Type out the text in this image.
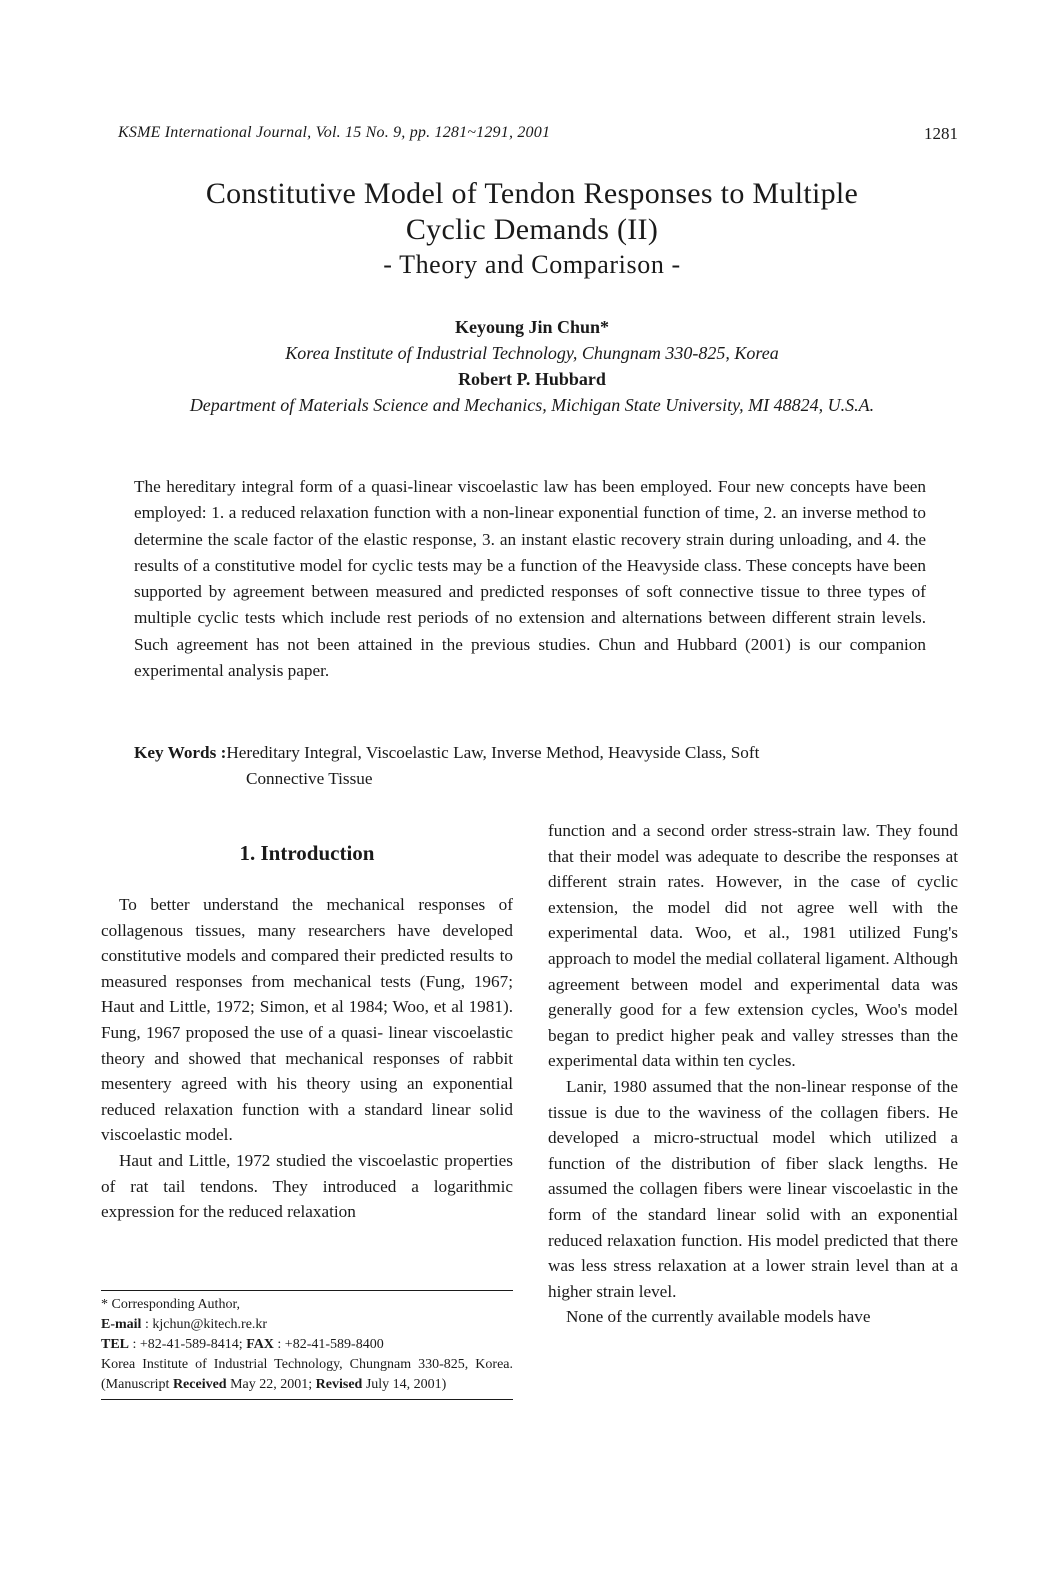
KSME International Journal, Vol. 15 No. 9, pp. 1281~1291, 2001	1281
Constitutive Model of Tendon Responses to Multiple
Cyclic Demands (II)
- Theory and Comparison -
Keyoung Jin Chun*
Korea Institute of Industrial Technology, Chungnam 330-825, Korea
Robert P. Hubbard
Department of Materials Science and Mechanics, Michigan State University, MI 48824, U.S.A.
The hereditary integral form of a quasi-linear viscoelastic law has been employed. Four new concepts have been employed: 1. a reduced relaxation function with a non-linear exponential function of time, 2. an inverse method to determine the scale factor of the elastic response, 3. an instant elastic recovery strain during unloading, and 4. the results of a constitutive model for cyclic tests may be a function of the Heavyside class. These concepts have been supported by agreement between measured and predicted responses of soft connective tissue to three types of multiple cyclic tests which include rest periods of no extension and alternations between different strain levels. Such agreement has not been attained in the previous studies. Chun and Hubbard (2001) is our companion experimental analysis paper.
Key Words : Hereditary Integral, Viscoelastic Law, Inverse Method, Heavyside Class, Soft
Connective Tissue
1. Introduction

To better understand the mechanical responses of collagenous tissues, many researchers have developed constitutive models and compared their predicted results to measured responses from mechanical tests (Fung, 1967; Haut and Little, 1972; Simon, et al 1984; Woo, et al 1981). Fung, 1967 proposed the use of a quasi- linear viscoelastic theory and showed that mechanical responses of rabbit mesentery agreed with his theory using an exponential reduced relaxation function with a standard linear solid viscoelastic model.

Haut and Little, 1972 studied the viscoelastic properties of rat tail tendons. They introduced a logarithmic expression for the reduced relaxation

function and a second order stress-strain law. They found that their model was adequate to describe the responses at different strain rates. However, in the case of cyclic extension, the model did not agree well with the experimental data. Woo, et al., 1981 utilized Fung's approach to model the medial collateral ligament. Although agreement between model and experimental data was generally good for a few extension cycles, Woo's model began to predict higher peak and valley stresses than the experimental data within ten cycles.

Lanir, 1980 assumed that the non-linear response of the tissue is due to the waviness of the collagen fibers. He developed a micro-structual model which utilized a function of the distribution of fiber slack lengths. He assumed the collagen fibers were linear viscoelastic in the form of the standard linear solid with an exponential reduced relaxation function. His model predicted that there was less stress relaxation at a lower strain level than at a higher strain level.

None of the currently available models have

* Corresponding Author,
E-mail : kjchun@kitech.re.kr
TEL : +82-41-589-8414; FAX : +82-41-589-8400
Korea Institute of Industrial Technology, Chungnam 330-825, Korea. (Manuscript Received May 22, 2001; Revised July 14, 2001)
